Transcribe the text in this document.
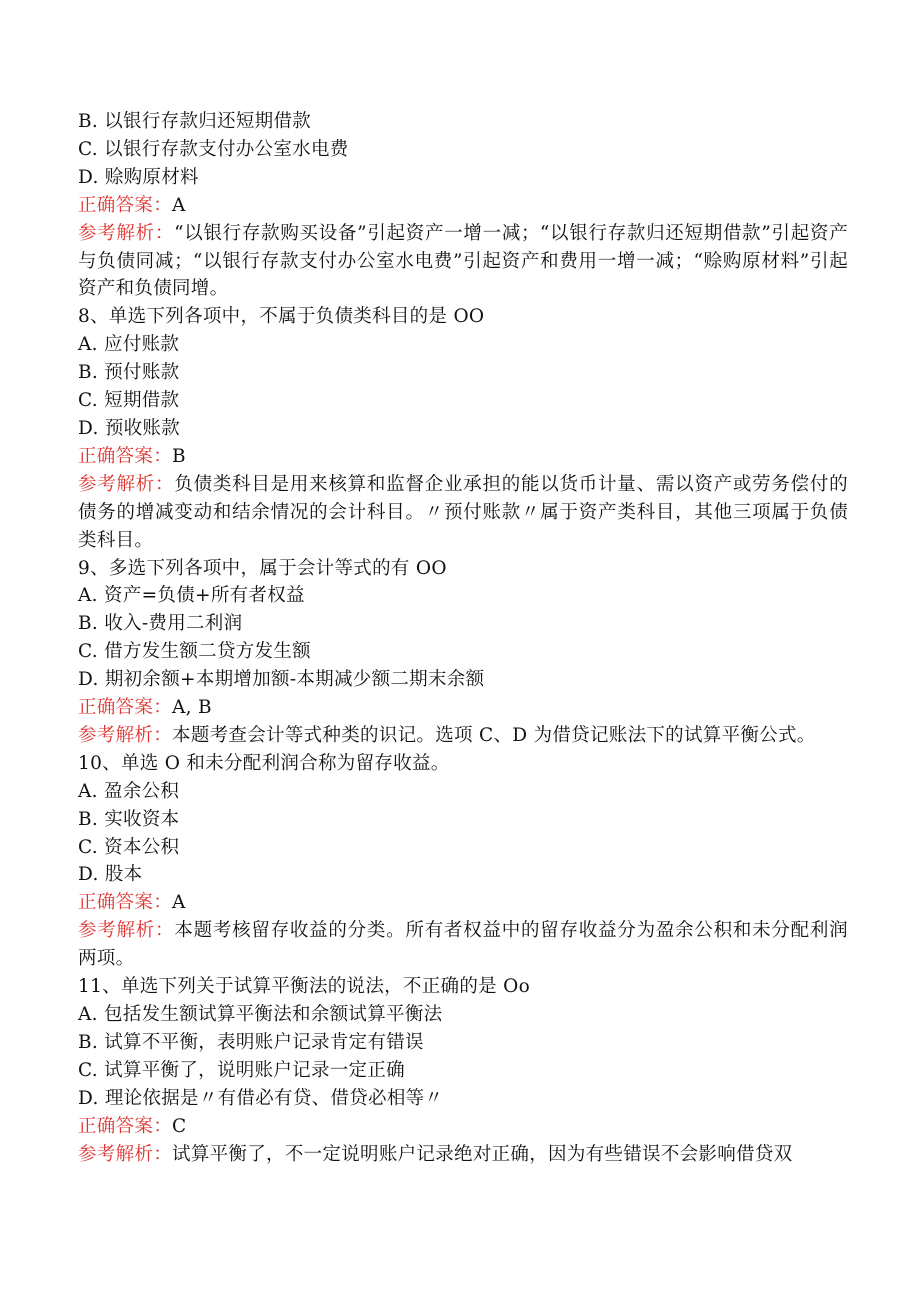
B. 以银行存款归还短期借款
C. 以银行存款支付办公室水电费
D. 赊购原材料
正确答案：A
参考解析：“以银行存款购买设备”引起资产一增一减；“以银行存款归还短期借款”引起资产与负债同减；“以银行存款支付办公室水电费”引起资产和费用一增一减；“赊购原材料”引起资产和负债同增。
8、单选下列各项中，不属于负债类科目的是 OO
A. 应付账款
B. 预付账款
C. 短期借款
D. 预收账款
正确答案：B
参考解析：负债类科目是用来核算和监督企业承担的能以货币计量、需以资产或劳务偿付的债务的增减变动和结余情况的会计科目。〃预付账款〃属于资产类科目，其他三项属于负债类科目。
9、多选下列各项中，属于会计等式的有 OO
A. 资产=负债+所有者权益
B. 收入-费用二利润
C. 借方发生额二贷方发生额
D. 期初余额+本期增加额-本期减少额二期末余额
正确答案：A, B
参考解析：本题考查会计等式种类的识记。选项 C、D 为借贷记账法下的试算平衡公式。
10、单选 O 和未分配利润合称为留存收益。
A. 盈余公积
B. 实收资本
C. 资本公积
D. 股本
正确答案：A
参考解析：本题考核留存收益的分类。所有者权益中的留存收益分为盈余公积和未分配利润两项。
11、单选下列关于试算平衡法的说法，不正确的是 Oo
A. 包括发生额试算平衡法和余额试算平衡法
B. 试算不平衡，表明账户记录肯定有错误
C. 试算平衡了，说明账户记录一定正确
D. 理论依据是〃有借必有贷、借贷必相等〃
正确答案：C
参考解析：试算平衡了，不一定说明账户记录绝对正确，因为有些错误不会影响借贷双
